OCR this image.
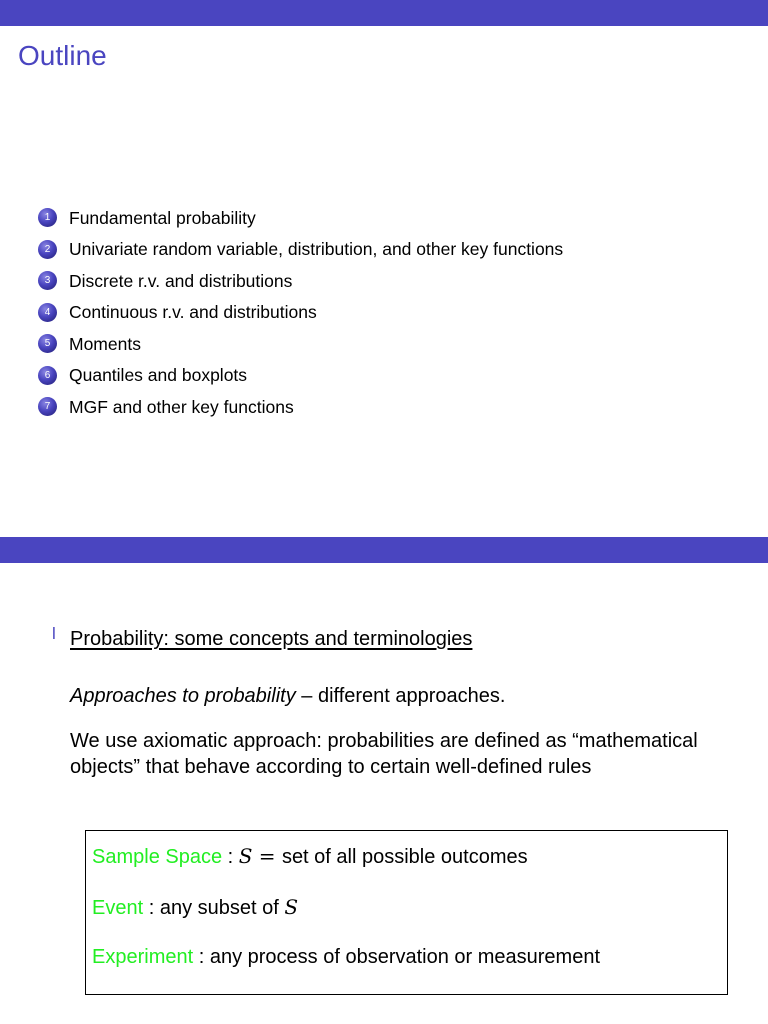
Outline
1	Fundamental probability
2	Univariate random variable, distribution, and other key functions
3	Discrete r.v. and distributions
4	Continuous r.v. and distributions
5	Moments
6	Quantiles and boxplots
7	MGF and other key functions
l Probability: some concepts and terminologies
Approaches to probability – different approaches.
We use axiomatic approach: probabilities are defined as “mathematical objects” that behave according to certain well-defined rules
Sample Space : S = set of all possible outcomes
Event : any subset of S
Experiment : any process of observation or measurement
